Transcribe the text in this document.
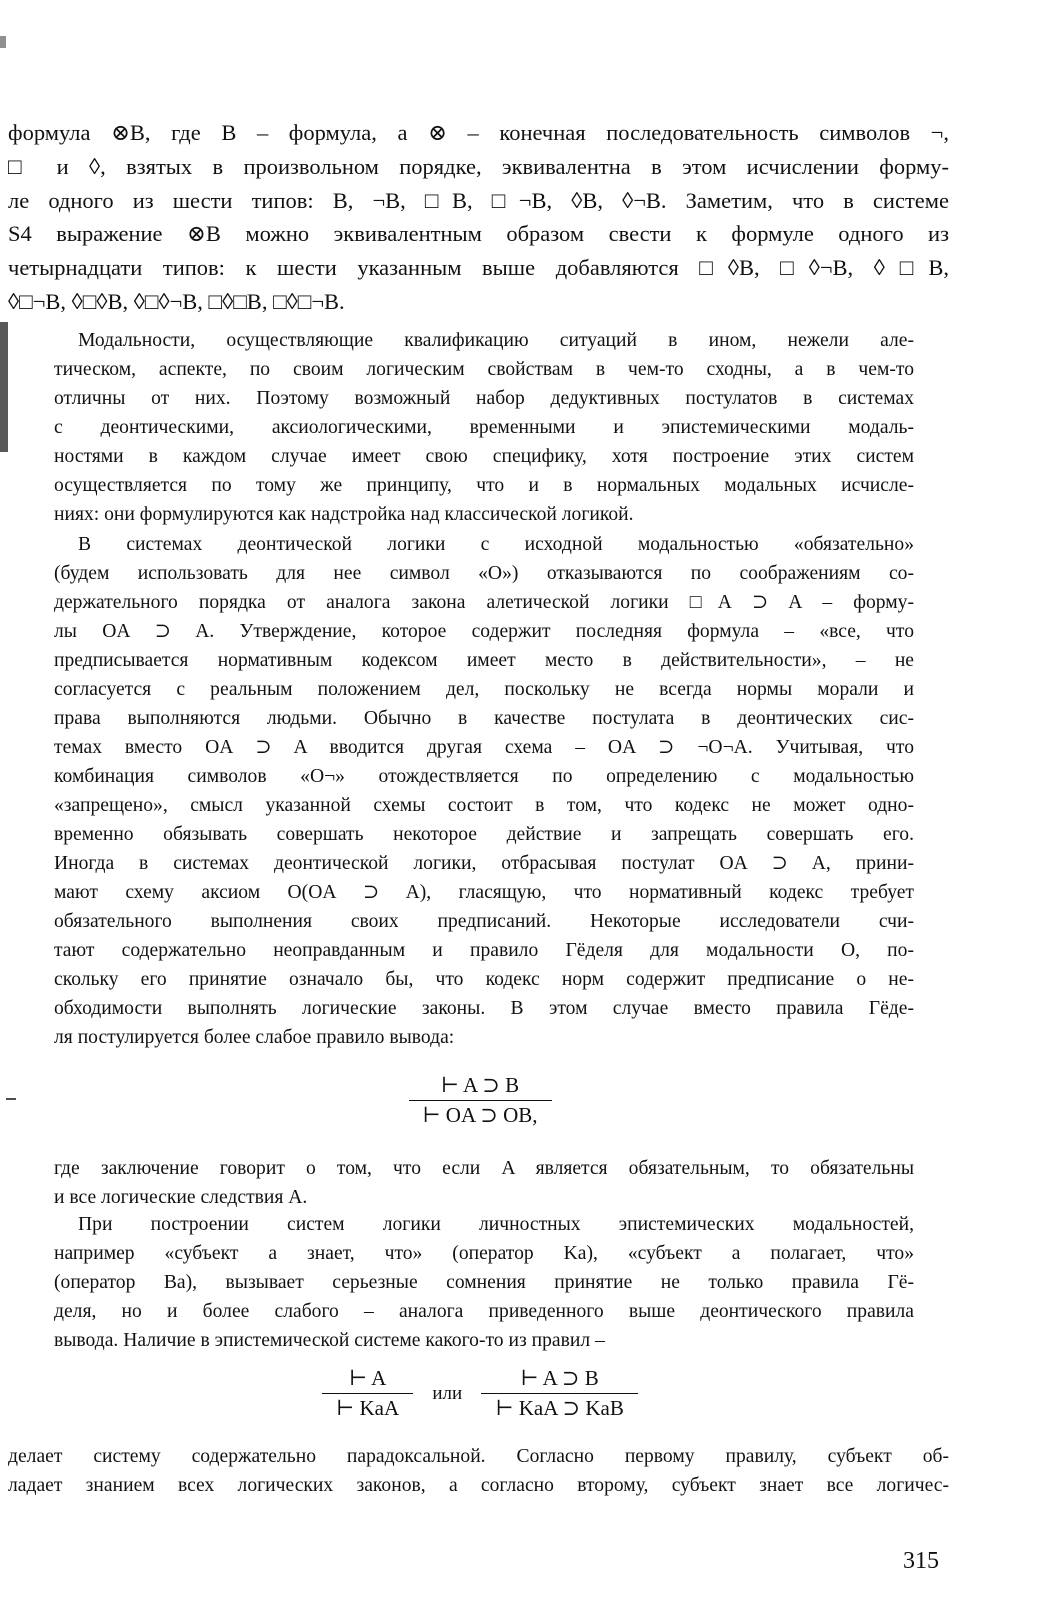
формула ⊗B, где B – формула, а ⊗ – конечная последовательность символов ¬,
□ и ◊, взятых в произвольном порядке, эквивалентна в этом исчислении форму-
ле одного из шести типов: B, ¬B, □B, □¬B, ◊B, ◊¬B. Заметим, что в системе
S4 выражение ⊗B можно эквивалентным образом свести к формуле одного из
четырнадцати типов: к шести указанным выше добавляются □◊B, □◊¬B, ◊□B,
◊□¬B, ◊□◊B, ◊□◊¬B, □◊□B, □◊□¬B.
Модальности, осуществляющие квалификацию ситуаций в ином, нежели але-
тическом, аспекте, по своим логическим свойствам в чем-то сходны, а в чем-то
отличны от них. Поэтому возможный набор дедуктивных постулатов в системах
с деонтическими, аксиологическими, временными и эпистемическими модаль-
ностями в каждом случае имеет свою специфику, хотя построение этих систем
осуществляется по тому же принципу, что и в нормальных модальных исчисле-
ниях: они формулируются как надстройка над классической логикой.
В системах деонтической логики с исходной модальностью «обязательно»
(будем использовать для нее символ «O») отказываются по соображениям со-
держательного порядка от аналога закона алетической логики □A ⊃ A – форму-
лы OA ⊃ A. Утверждение, которое содержит последняя формула – «все, что
предписывается нормативным кодексом имеет место в действительности», – не
согласуется с реальным положением дел, поскольку не всегда нормы морали и
права выполняются людьми. Обычно в качестве постулата в деонтических сис-
темах вместо OA ⊃ A вводится другая схема – OA ⊃ ¬O¬A. Учитывая, что
комбинация символов «O¬» отождествляется по определению с модальностью
«запрещено», смысл указанной схемы состоит в том, что кодекс не может одно-
временно обязывать совершать некоторое действие и запрещать совершать его.
Иногда в системах деонтической логики, отбрасывая постулат OA ⊃ A, прини-
мают схему аксиом O(OA ⊃ A), гласящую, что нормативный кодекс требует
обязательного выполнения своих предписаний. Некоторые исследователи счи-
тают содержательно неоправданным и правило Гёделя для модальности O, по-
скольку его принятие означало бы, что кодекс норм содержит предписание о не-
обходимости выполнять логические законы. В этом случае вместо правила Гёде-
ля постулируется более слабое правило вывода:
$\frac{⊢ A ⊃ B}{⊢ OA ⊃ OB,}$
где заключение говорит о том, что если A является обязательным, то обязательны
и все логические следствия A.
При построении систем логики личностных эпистемических модальностей,
например «субъект a знает, что» (оператор Ka), «субъект a полагает, что»
(оператор Ba), вызывает серьезные сомнения принятие не только правила Гё-
деля, но и более слабого – аналога приведенного выше деонтического правила
вывода. Наличие в эпистемической системе какого-то из правил –
$\frac{⊢ A}{\text{⊢ KaA}}$ или $\frac{⊢ A ⊃ B}{\text{⊢ KaA ⊃ KaB}}$
делает систему содержательно парадоксальной. Согласно первому правилу, субъект об-
ладает знанием всех логических законов, а согласно второму, субъект знает все логичес-
315
